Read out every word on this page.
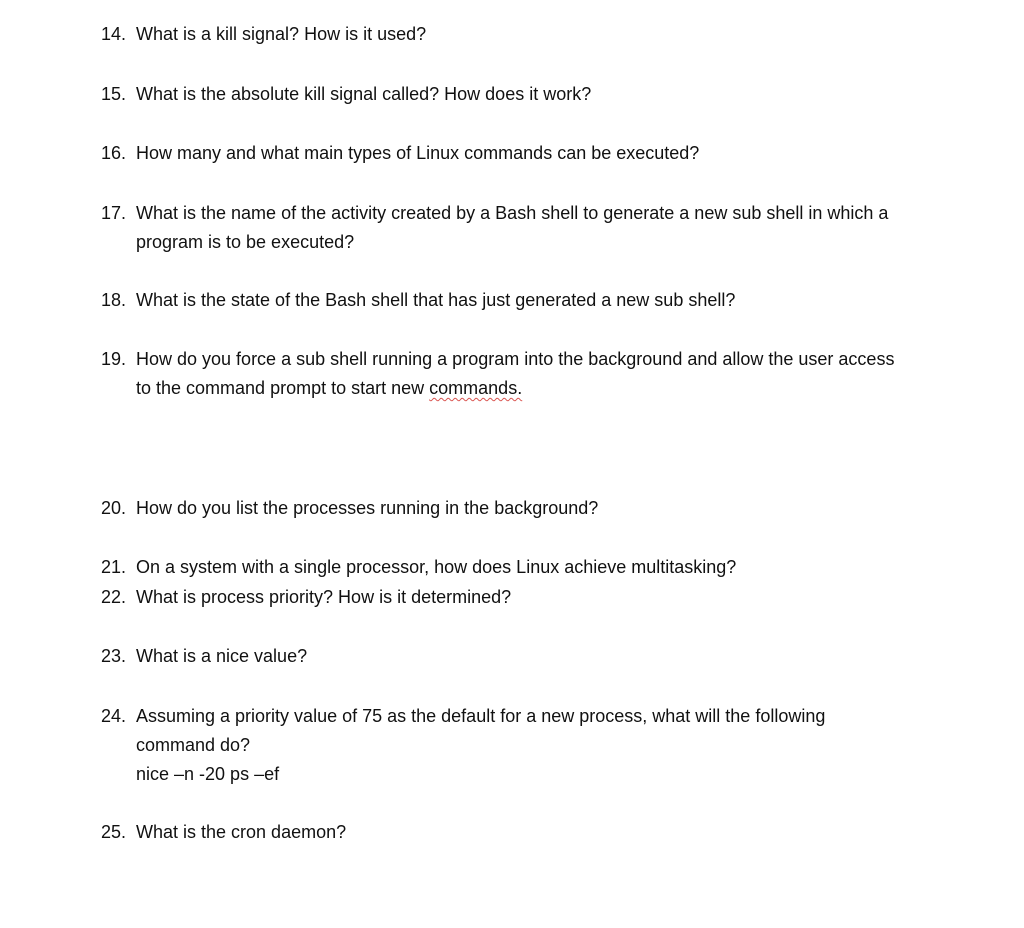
14. What is a kill signal? How is it used?
15. What is the absolute kill signal called? How does it work?
16. How many and what main types of Linux commands can be executed?
17. What is the name of the activity created by a Bash shell to generate a new sub shell in which a
program is to be executed?
18. What is the state of the Bash shell that has just generated a new sub shell?
19. How do you force a sub shell running a program into the background and allow the user access
to the command prompt to start new commands.
20. How do you list the processes running in the background?
21. On a system with a single processor, how does Linux achieve multitasking?
22. What is process priority? How is it determined?
23. What is a nice value?
24. Assuming a priority value of 75 as the default for a new process, what will the following
command do?
nice –n -20 ps –ef
25. What is the cron daemon?
